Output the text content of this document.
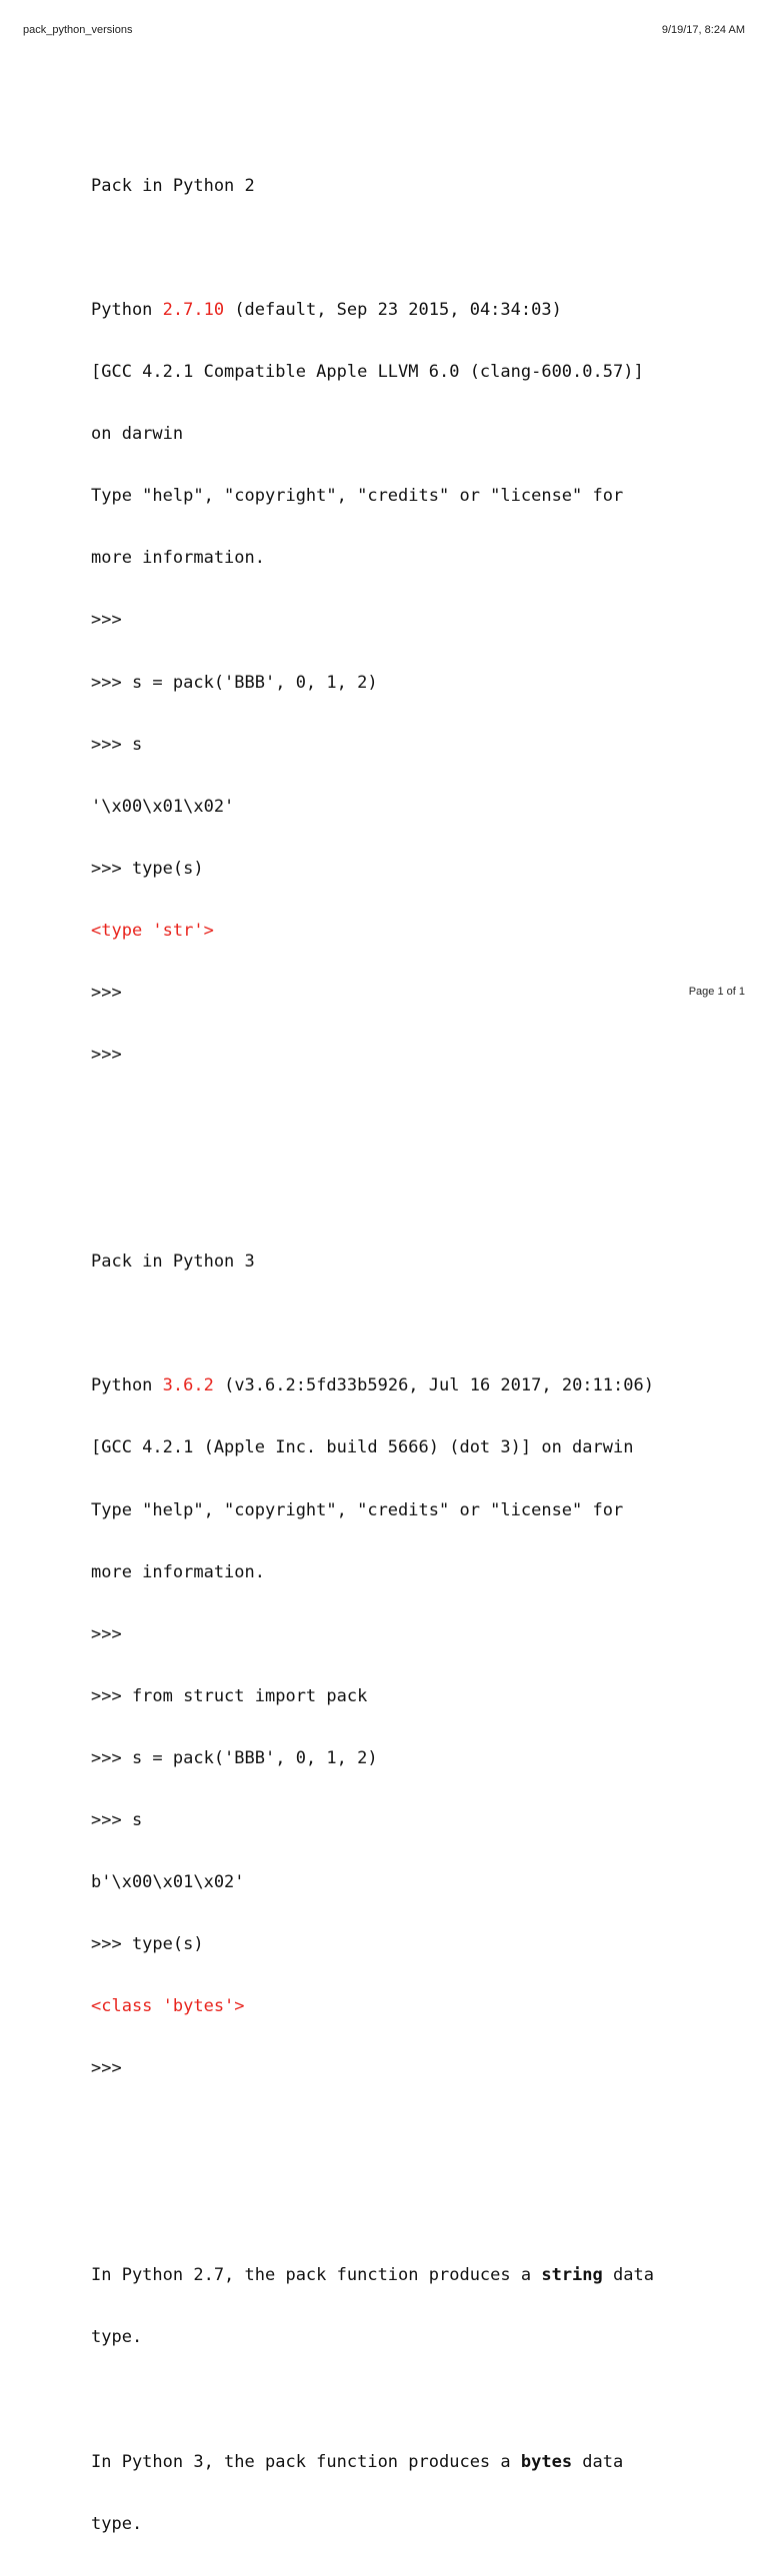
pack_python_versions	9/19/17, 8:24 AM

Pack in Python 2

Python 2.7.10 (default, Sep 23 2015, 04:34:03)

[GCC 4.2.1 Compatible Apple LLVM 6.0 (clang-600.0.57)]

on darwin

Type "help", "copyright", "credits" or "license" for

more information.

>>>

>>> s = pack('BBB', 0, 1, 2)

>>> s

'\x00\x01\x02'

>>> type(s)

<type 'str'>

>>>

>>>

Pack in Python 3

Python 3.6.2 (v3.6.2:5fd33b5926, Jul 16 2017, 20:11:06)

[GCC 4.2.1 (Apple Inc. build 5666) (dot 3)] on darwin

Type "help", "copyright", "credits" or "license" for

more information.

>>>

>>> from struct import pack

>>> s = pack('BBB', 0, 1, 2)

>>> s

b'\x00\x01\x02'

>>> type(s)

<class 'bytes'>

>>>

In Python 2.7, the pack function produces a string data

type.

In Python 3, the pack function produces a bytes data

type.

Page 1 of 1
